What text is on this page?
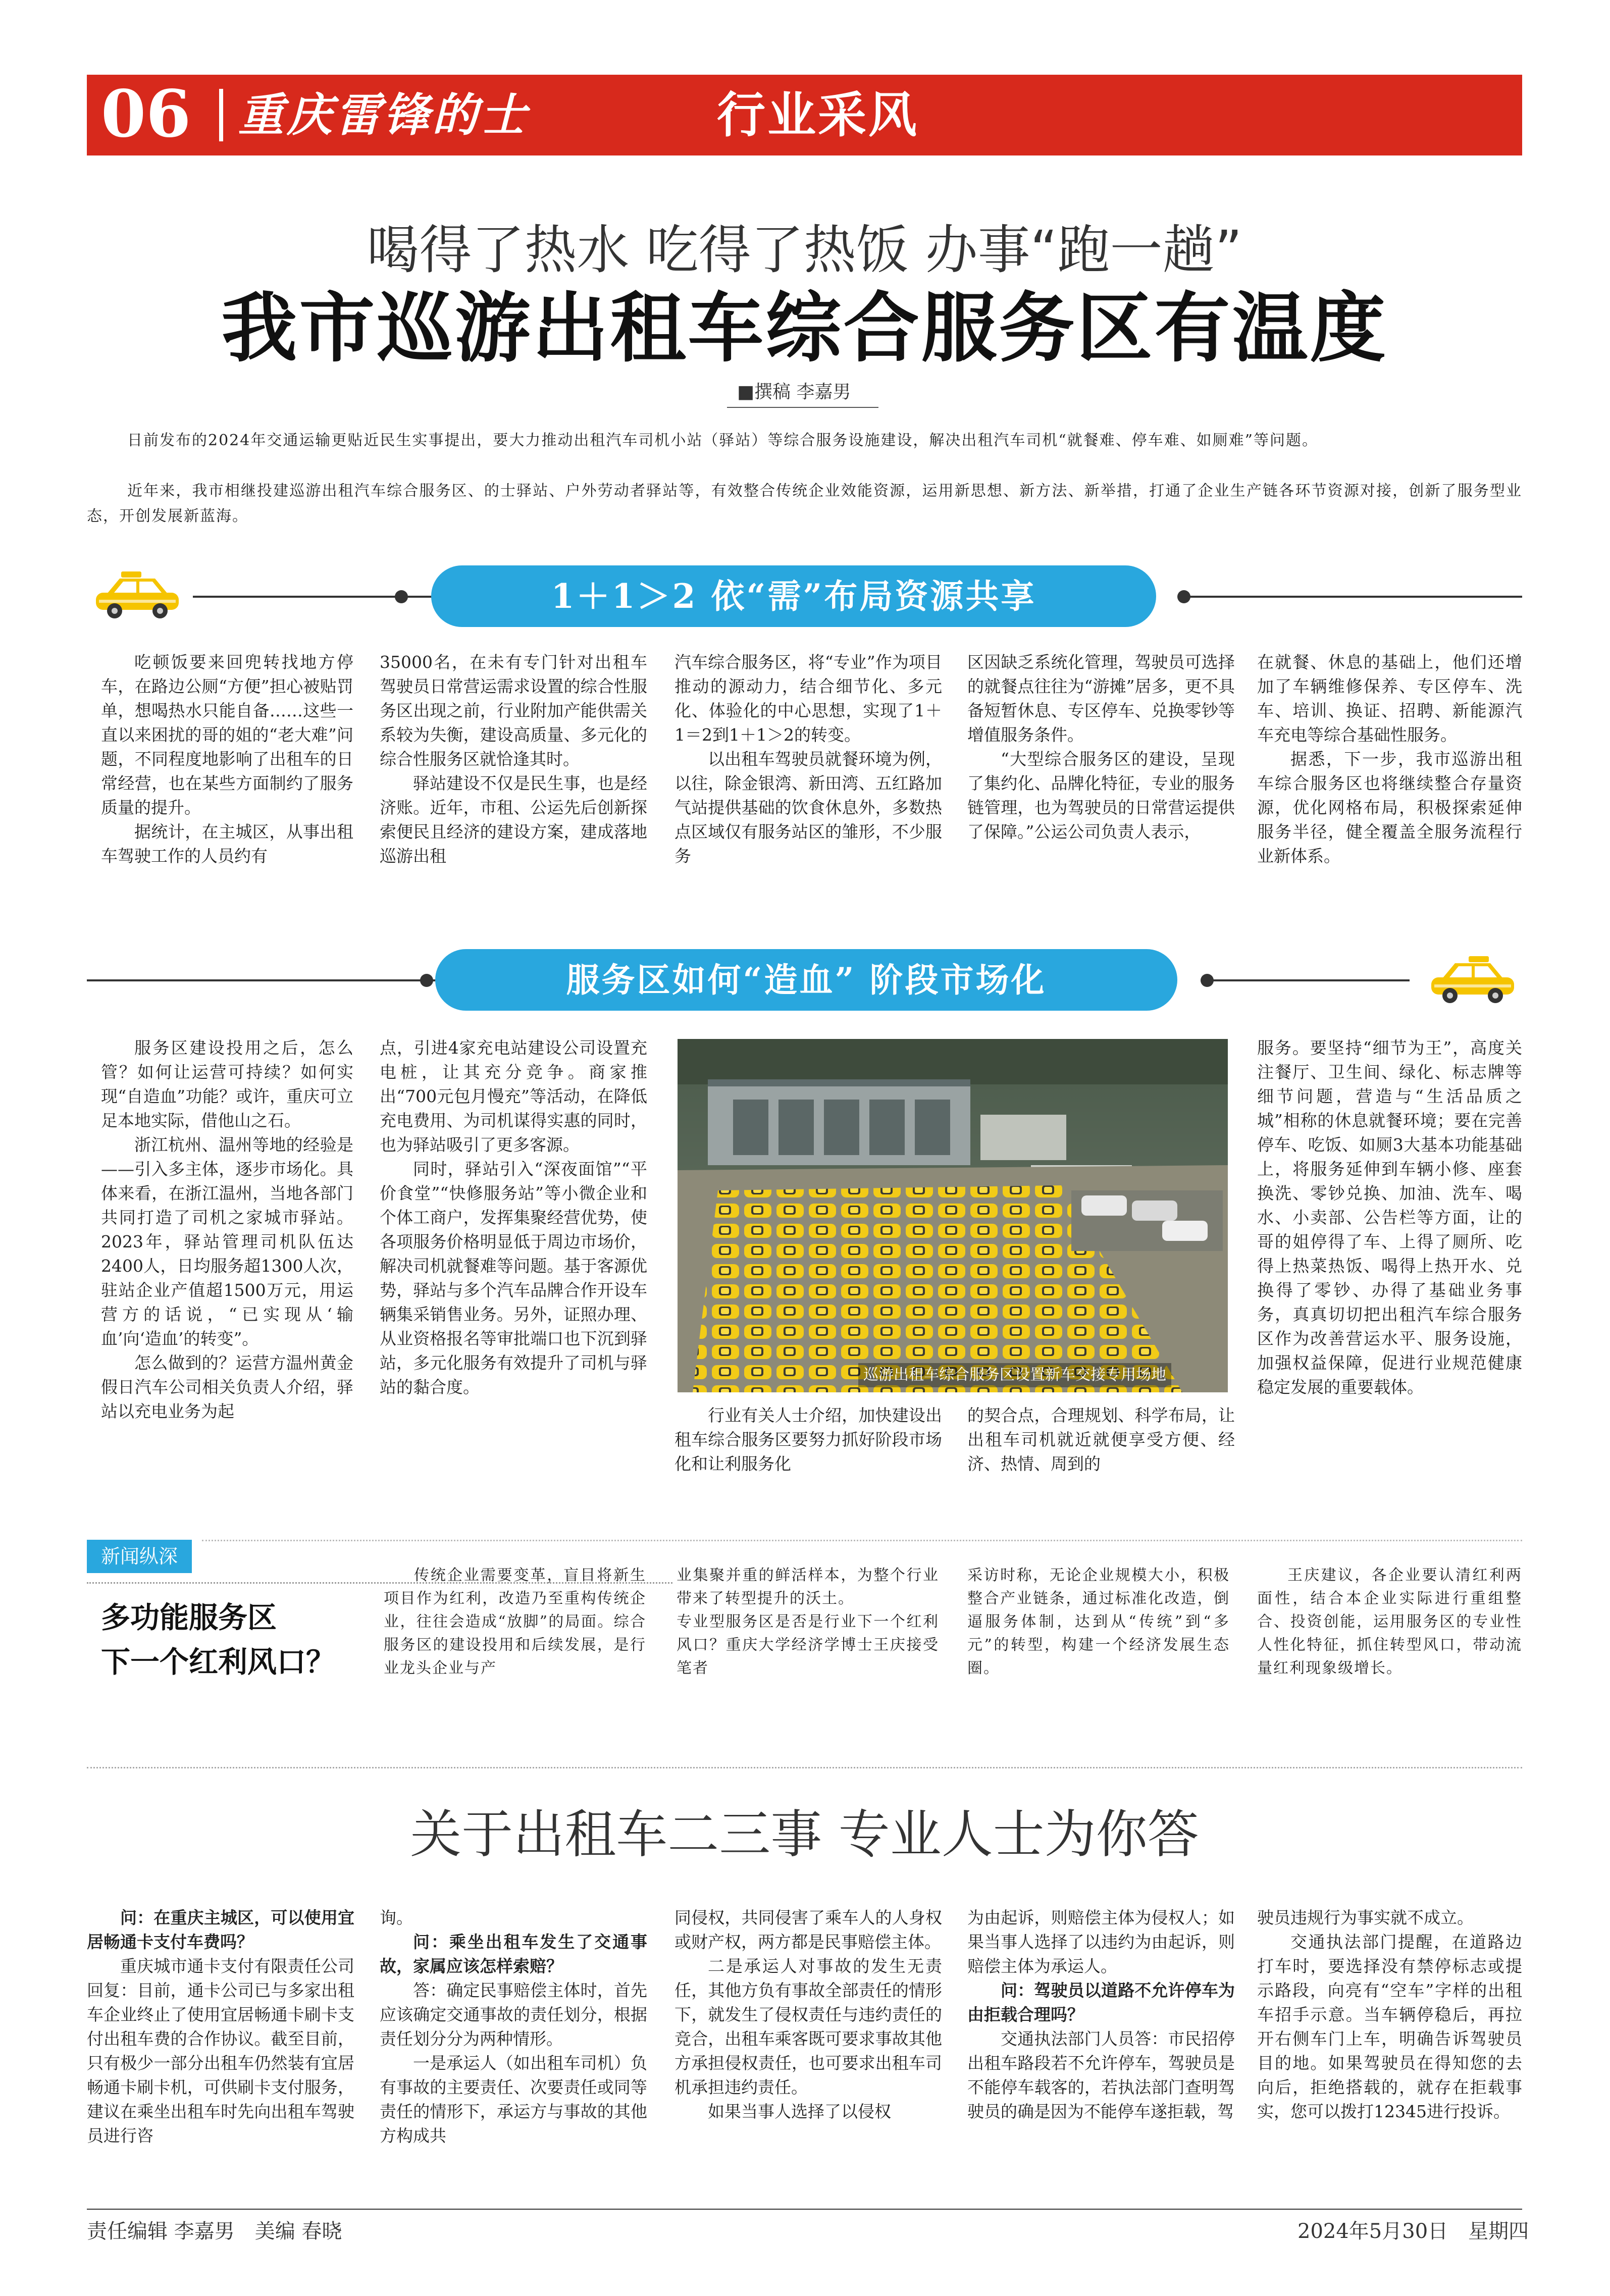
06 重庆雷锋的士	行业采风
喝得了热水 吃得了热饭 办事“跑一趟”
我市巡游出租车综合服务区有温度
■撰稿 李嘉男
日前发布的2024年交通运输更贴近民生实事提出，要大力推动出租汽车司机小站（驿站）等综合服务设施建设，解决出租汽车司机“就餐难、停车难、如厕难”等问题。
近年来，我市相继投建巡游出租汽车综合服务区、的士驿站、户外劳动者驿站等，有效整合传统企业效能资源，运用新思想、新方法、新举措，打通了企业生产链各环节资源对接，创新了服务型业态，开创发展新蓝海。
1＋1＞2 依“需”布局资源共享

吃顿饭要来回兜转找地方停车，在路边公厕“方便”担心被贴罚单，想喝热水只能自备……这些一直以来困扰的哥的姐的“老大难”问题，不同程度地影响了出租车的日常经营，也在某些方面制约了服务质量的提升。

据统计，在主城区，从事出租车驾驶工作的人员约有

35000名，在未有专门针对出租车驾驶员日常营运需求设置的综合性服务区出现之前，行业附加产能供需关系较为失衡，建设高质量、多元化的综合性服务区就恰逢其时。

驿站建设不仅是民生事，也是经济账。近年，市租、公运先后创新探索便民且经济的建设方案，建成落地巡游出租

汽车综合服务区，将“专业”作为项目推动的源动力，结合细节化、多元化、体验化的中心思想，实现了1＋1＝2到1＋1＞2的转变。

以出租车驾驶员就餐环境为例，以往，除金银湾、新田湾、五红路加气站提供基础的饮食休息外，多数热点区域仅有服务站区的雏形，不少服务

区因缺乏系统化管理，驾驶员可选择的就餐点往往为“游摊”居多，更不具备短暂休息、专区停车、兑换零钞等增值服务条件。

“大型综合服务区的建设，呈现了集约化、品牌化特征，专业的服务链管理，也为驾驶员的日常营运提供了保障。”公运公司负责人表示，

在就餐、休息的基础上，他们还增加了车辆维修保养、专区停车、洗车、培训、换证、招聘、新能源汽车充电等综合基础性服务。

据悉，下一步，我市巡游出租车综合服务区也将继续整合存量资源，优化网格布局，积极探索延伸服务半径，健全覆盖全服务流程行业新体系。

服务区如何“造血” 阶段市场化

服务区建设投用之后，怎么管？如何让运营可持续？如何实现“自造血”功能？或许，重庆可立足本地实际，借他山之石。

浙江杭州、温州等地的经验是——引入多主体，逐步市场化。具体来看，在浙江温州，当地各部门共同打造了司机之家城市驿站。2023年，驿站管理司机队伍达2400人，日均服务超1300人次，驻站企业产值超1500万元，用运营方的话说，“已实现从‘输血’向‘造血’的转变”。

怎么做到的？运营方温州黄金假日汽车公司相关负责人介绍，驿站以充电业务为起

点，引进4家充电站建设公司设置充电桩，让其充分竞争。商家推出“700元包月慢充”等活动，在降低充电费用、为司机谋得实惠的同时，也为驿站吸引了更多客源。

同时，驿站引入“深夜面馆”“平价食堂”“快修服务站”等小微企业和个体工商户，发挥集聚经营优势，使各项服务价格明显低于周边市场价，解决司机就餐难等问题。基于客源优势，驿站与多个汽车品牌合作开设车辆集采销售业务。另外，证照办理、从业资格报名等审批端口也下沉到驿站，多元化服务有效提升了司机与驿站的黏合度。

巡游出租车综合服务区设置新车交接专用场地

行业有关人士介绍，加快建设出租车综合服务区要努力抓好阶段市场化和让利服务化

的契合点，合理规划、科学布局，让出租车司机就近就便享受方便、经济、热情、周到的

服务。要坚持“细节为王”，高度关注餐厅、卫生间、绿化、标志牌等细节问题，营造与“生活品质之城”相称的休息就餐环境；要在完善停车、吃饭、如厕3大基本功能基础上，将服务延伸到车辆小修、座套换洗、零钞兑换、加油、洗车、喝水、小卖部、公告栏等方面，让的哥的姐停得了车、上得了厕所、吃得上热菜热饭、喝得上热开水、兑换得了零钞、办得了基础业务事务，真真切切把出租汽车综合服务区作为改善营运水平、服务设施，加强权益保障，促进行业规范健康稳定发展的重要载体。

新闻纵深
多功能服务区
下一个红利风口？
传统企业需要变革，盲目将新生项目作为红利，改造乃至重构传统企业，往往会造成“放脚”的局面。综合服务区的建设投用和后续发展，是行业龙头企业与产
业集聚并重的鲜活样本，为整个行业带来了转型提升的沃土。
专业型服务区是否是行业下一个红利风口？重庆大学经济学博士王庆接受笔者
采访时称，无论企业规模大小，积极整合产业链条，通过标准化改造，倒逼服务体制，达到从“传统”到“多元”的转型，构建一个经济发展生态圈。
王庆建议，各企业要认清红利两面性，结合本企业实际进行重组整合、投资创能，运用服务区的专业性人性化特征，抓住转型风口，带动流量红利现象级增长。
关于出租车二三事 专业人士为你答

问：在重庆主城区，可以使用宜居畅通卡支付车费吗？

重庆城市通卡支付有限责任公司回复：目前，通卡公司已与多家出租车企业终止了使用宜居畅通卡刷卡支付出租车费的合作协议。截至目前，只有极少一部分出租车仍然装有宜居畅通卡刷卡机，可供刷卡支付服务，建议在乘坐出租车时先向出租车驾驶员进行咨

询。

问：乘坐出租车发生了交通事故，家属应该怎样索赔？

答：确定民事赔偿主体时，首先应该确定交通事故的责任划分，根据责任划分分为两种情形。

一是承运人（如出租车司机）负有事故的主要责任、次要责任或同等责任的情形下，承运方与事故的其他方构成共

同侵权，共同侵害了乘车人的人身权或财产权，两方都是民事赔偿主体。

二是承运人对事故的发生无责任，其他方负有事故全部责任的情形下，就发生了侵权责任与违约责任的竞合，出租车乘客既可要求事故其他方承担侵权责任，也可要求出租车司机承担违约责任。

如果当事人选择了以侵权

为由起诉，则赔偿主体为侵权人；如果当事人选择了以违约为由起诉，则赔偿主体为承运人。

问：驾驶员以道路不允许停车为由拒载合理吗？

交通执法部门人员答：市民招停出租车路段若不允许停车，驾驶员是不能停车载客的，若执法部门查明驾驶员的确是因为不能停车遂拒载，驾

驶员违规行为事实就不成立。

交通执法部门提醒，在道路边打车时，要选择没有禁停标志或提示路段，向亮有“空车”字样的出租车招手示意。当车辆停稳后，再拉开右侧车门上车，明确告诉驾驶员目的地。如果驾驶员在得知您的去向后，拒绝搭载的，就存在拒载事实，您可以拨打12345进行投诉。

责任编辑 李嘉男　美编 春晓	2024年5月30日　星期四
